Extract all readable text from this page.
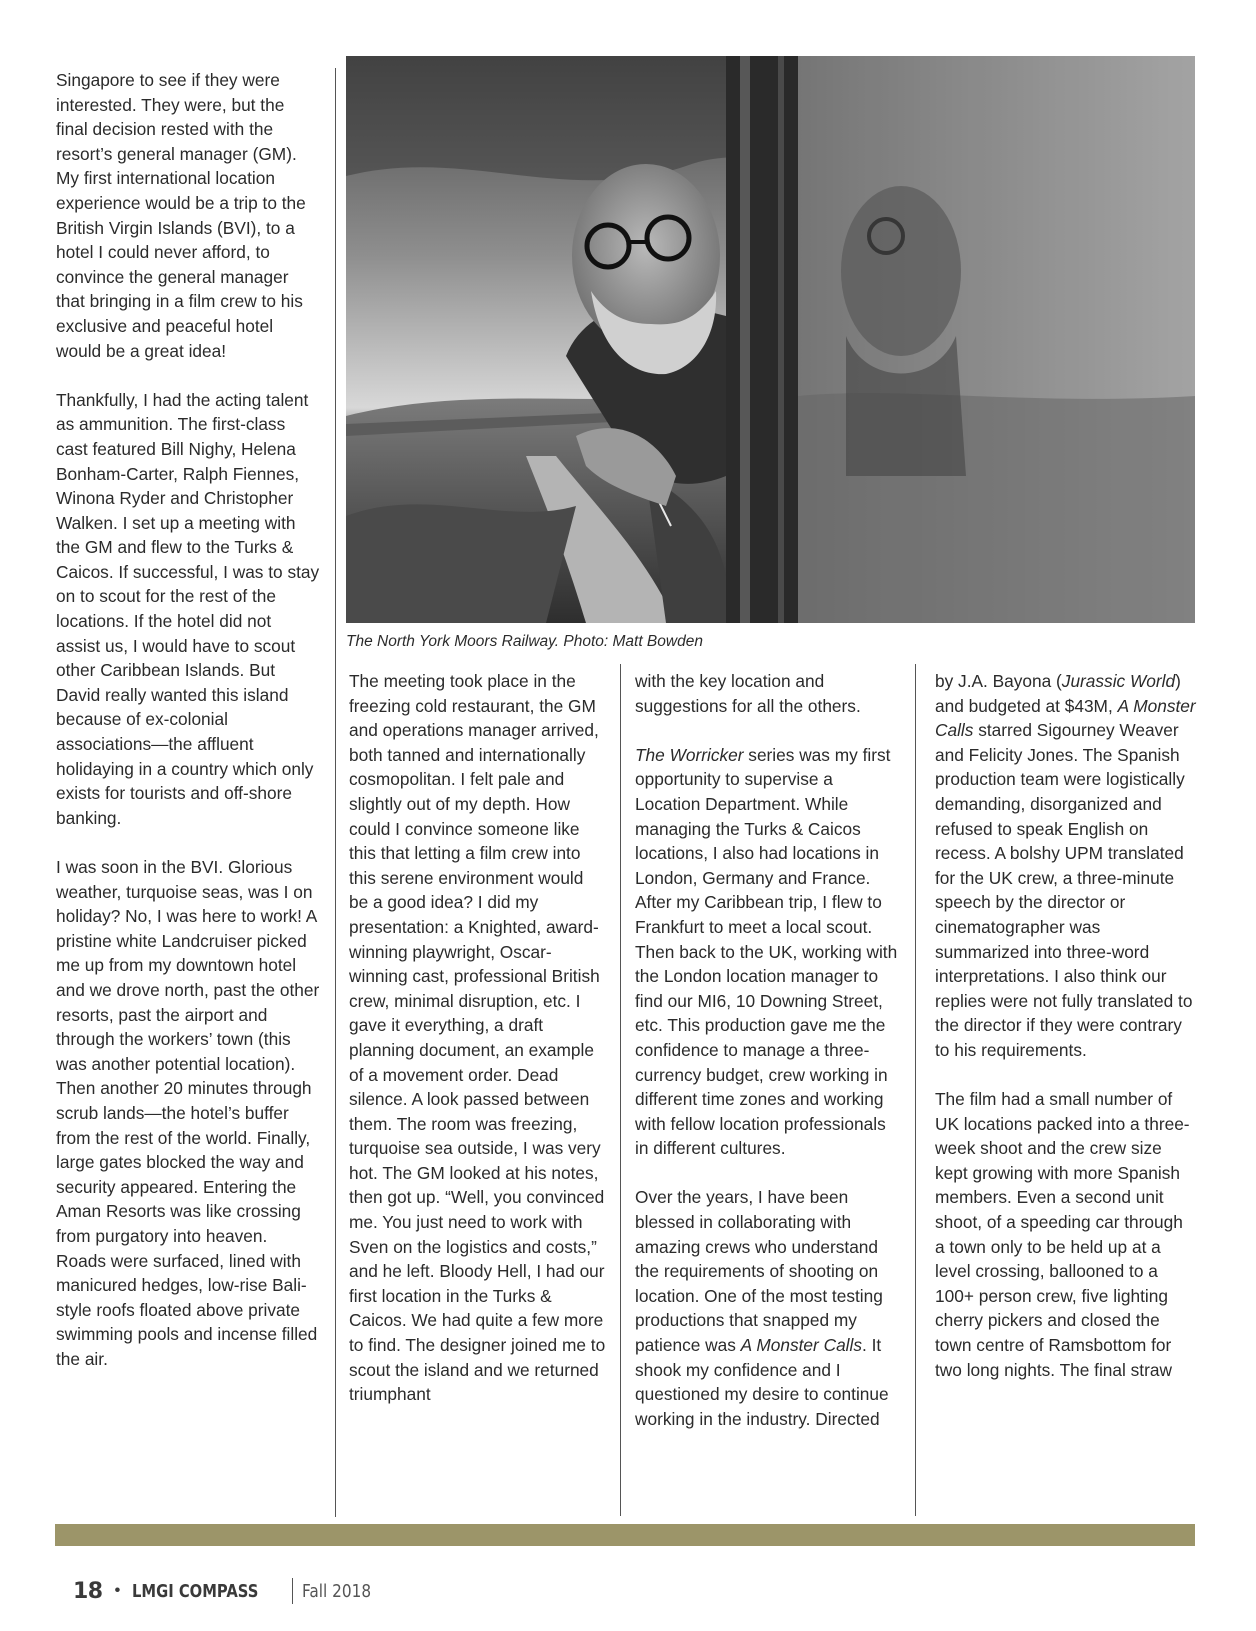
Singapore to see if they were interested. They were, but the final decision rested with the resort’s general manager (GM). My first international location experience would be a trip to the British Virgin Islands (BVI), to a hotel I could never afford, to convince the general manager that bringing in a film crew to his exclusive and peaceful hotel would be a great idea!

Thankfully, I had the acting talent as ammunition. The first-class cast featured Bill Nighy, Helena Bonham-Carter, Ralph Fiennes, Winona Ryder and Christopher Walken. I set up a meeting with the GM and flew to the Turks & Caicos. If successful, I was to stay on to scout for the rest of the locations. If the hotel did not assist us, I would have to scout other Caribbean Islands. But David really wanted this island because of ex-colonial associations—the affluent holidaying in a country which only exists for tourists and off-shore banking.

I was soon in the BVI. Glorious weather, turquoise seas, was I on holiday? No, I was here to work! A pristine white Landcruiser picked me up from my downtown hotel and we drove north, past the other resorts, past the airport and through the workers’ town (this was another potential location). Then another 20 minutes through scrub lands—the hotel’s buffer from the rest of the world. Finally, large gates blocked the way and security appeared. Entering the Aman Resorts was like crossing from purgatory into heaven. Roads were surfaced, lined with manicured hedges, low-rise Bali-style roofs floated above private swimming pools and incense filled the air.

The North York Moors Railway. Photo: Matt Bowden

The meeting took place in the freezing cold restaurant, the GM and operations manager arrived, both tanned and internationally cosmopolitan. I felt pale and slightly out of my depth. How could I convince someone like this that letting a film crew into this serene environment would be a good idea? I did my presentation: a Knighted, award-winning playwright, Oscar-winning cast, professional British crew, minimal disruption, etc. I gave it everything, a draft planning document, an example of a movement order. Dead silence. A look passed between them. The room was freezing, turquoise sea outside, I was very hot. The GM looked at his notes, then got up. “Well, you convinced me. You just need to work with Sven on the logistics and costs,” and he left. Bloody Hell, I had our first location in the Turks & Caicos. We had quite a few more to find. The designer joined me to scout the island and we returned triumphant

with the key location and suggestions for all the others.

The Worricker series was my first opportunity to supervise a Location Department. While managing the Turks & Caicos locations, I also had locations in London, Germany and France. After my Caribbean trip, I flew to Frankfurt to meet a local scout. Then back to the UK, working with the London location manager to find our MI6, 10 Downing Street, etc. This production gave me the confidence to manage a three-currency budget, crew working in different time zones and working with fellow location professionals in different cultures.

Over the years, I have been blessed in collaborating with amazing crews who understand the requirements of shooting on location. One of the most testing productions that snapped my patience was A Monster Calls. It shook my confidence and I questioned my desire to continue working in the industry. Directed

by J.A. Bayona (Jurassic World) and budgeted at $43M, A Monster Calls starred Sigourney Weaver and Felicity Jones. The Spanish production team were logistically demanding, disorganized and refused to speak English on recess. A bolshy UPM translated for the UK crew, a three-minute speech by the director or cinematographer was summarized into three-word interpretations. I also think our replies were not fully translated to the director if they were contrary to his requirements.

The film had a small number of UK locations packed into a three-week shoot and the crew size kept growing with more Spanish members. Even a second unit shoot, of a speeding car through a town only to be held up at a level crossing, ballooned to a 100+ person crew, five lighting cherry pickers and closed the town centre of Ramsbottom for two long nights. The final straw

18 • LMGI COMPASS	Fall 2018
